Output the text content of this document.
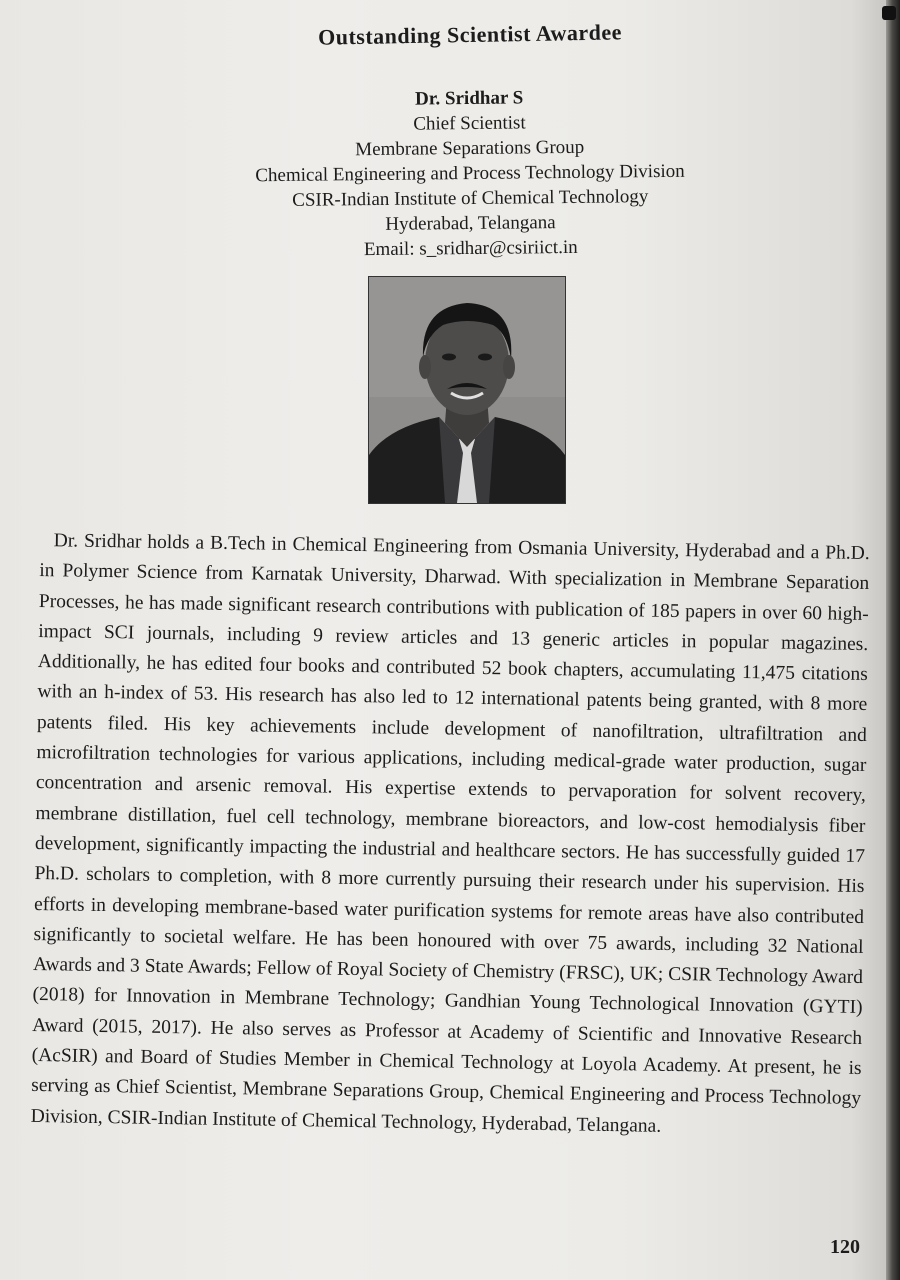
Outstanding Scientist Awardee
Dr. Sridhar S
Chief Scientist
Membrane Separations Group
Chemical Engineering and Process Technology Division
CSIR-Indian Institute of Chemical Technology
Hyderabad, Telangana
Email: s_sridhar@csiriict.in

Dr. Sridhar holds a B.Tech in Chemical Engineering from Osmania University, Hyderabad and a Ph.D. in Polymer Science from Karnatak University, Dharwad. With specialization in Membrane Separation Processes, he has made significant research contributions with publication of 185 papers in over 60 high-impact SCI journals, including 9 review articles and 13 generic articles in popular magazines. Additionally, he has edited four books and contributed 52 book chapters, accumulating 11,475 citations with an h-index of 53. His research has also led to 12 international patents being granted, with 8 more patents filed. His key achievements include development of nanofiltration, ultrafiltration and microfiltration technologies for various applications, including medical-grade water production, sugar concentration and arsenic removal. His expertise extends to pervaporation for solvent recovery, membrane distillation, fuel cell technology, membrane bioreactors, and low-cost hemodialysis fiber development, significantly impacting the industrial and healthcare sectors. He has successfully guided 17 Ph.D. scholars to completion, with 8 more currently pursuing their research under his supervision. His efforts in developing membrane-based water purification systems for remote areas have also contributed significantly to societal welfare. He has been honoured with over 75 awards, including 32 National Awards and 3 State Awards; Fellow of Royal Society of Chemistry (FRSC), UK; CSIR Technology Award (2018) for Innovation in Membrane Technology; Gandhian Young Technological Innovation (GYTI) Award (2015, 2017). He also serves as Professor at Academy of Scientific and Innovative Research (AcSIR) and Board of Studies Member in Chemical Technology at Loyola Academy. At present, he is serving as Chief Scientist, Membrane Separations Group, Chemical Engineering and Process Technology Division, CSIR-Indian Institute of Chemical Technology, Hyderabad, Telangana.

120
